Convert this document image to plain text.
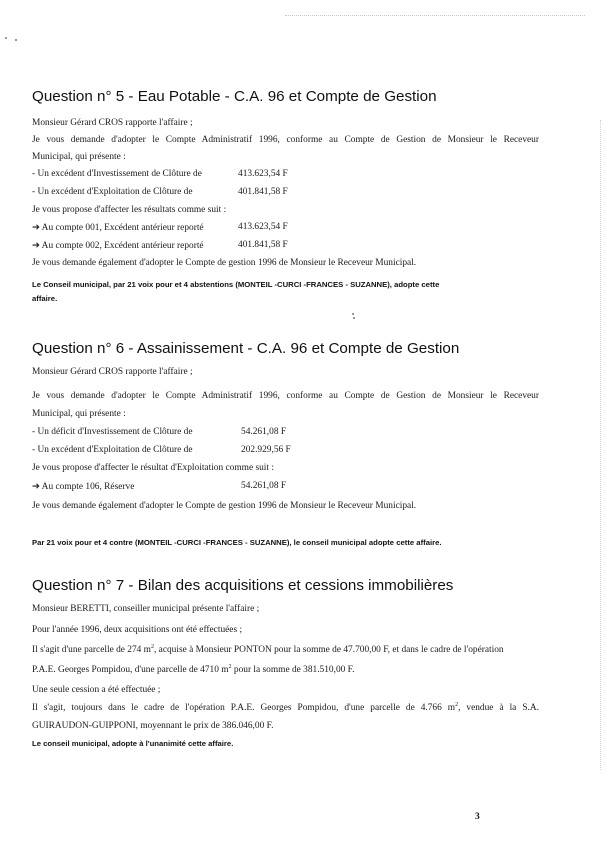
Question n° 5 - Eau Potable - C.A. 96 et Compte de Gestion
Monsieur Gérard CROS rapporte l'affaire ;
Je vous demande d'adopter le Compte Administratif 1996, conforme au Compte de Gestion de Monsieur le Receveur
Municipal, qui présente :
- Un excédent d'Investissement de Clôture de	413.623,54 F
- Un excédent d'Exploitation de Clôture de	401.841,58 F
Je vous propose d'affecter les résultats comme suit :
➔ Au compte 001, Excédent antérieur reporté	413.623,54 F
➔ Au compte 002, Excédent antérieur reporté	401.841,58 F
Je vous demande également d'adopter le Compte de gestion 1996 de Monsieur le Receveur Municipal.
Le Conseil municipal, par 21 voix pour et 4 abstentions (MONTEIL -CURCI -FRANCES - SUZANNE), adopte cette
affaire.
Question n° 6 - Assainissement - C.A. 96 et Compte de Gestion
Monsieur Gérard CROS rapporte l'affaire ;
Je vous demande d'adopter le Compte Administratif 1996, conforme au Compte de Gestion de Monsieur le Receveur
Municipal, qui présente :
- Un déficit d'Investissement de Clôture de	54.261,08 F
- Un excédent d'Exploitation de Clôture de	202.929,56 F
Je vous propose d'affecter le résultat d'Exploitation comme suit :
➔ Au compte 106, Réserve	54.261,08 F
Je vous demande également d'adopter le Compte de gestion 1996 de Monsieur le Receveur Municipal.
Par 21 voix pour et 4 contre (MONTEIL -CURCI -FRANCES - SUZANNE), le conseil municipal adopte cette affaire.
Question n° 7 - Bilan des acquisitions et cessions immobilières
Monsieur BERETTI, conseiller municipal présente l'affaire ;
Pour l'année 1996, deux acquisitions ont été effectuées ;
Il s'agit d'une parcelle de 274 $m^2$, acquise à Monsieur PONTON pour la somme de 47.700,00 F, et dans le cadre de l'opération
P.A.E. Georges Pompidou, d'une parcelle de 4710 $m^2$ pour la somme de 381.510,00 F.
Une seule cession a été effectuée ;
Il s'agit, toujours dans le cadre de l'opération P.A.E. Georges Pompidou, d'une parcelle de 4.766 $m^2$, vendue à la S.A.
GUIRAUDON-GUIPPONI, moyennant le prix de 386.046,00 F.
Le conseil municipal, adopte à l'unanimité cette affaire.
3
